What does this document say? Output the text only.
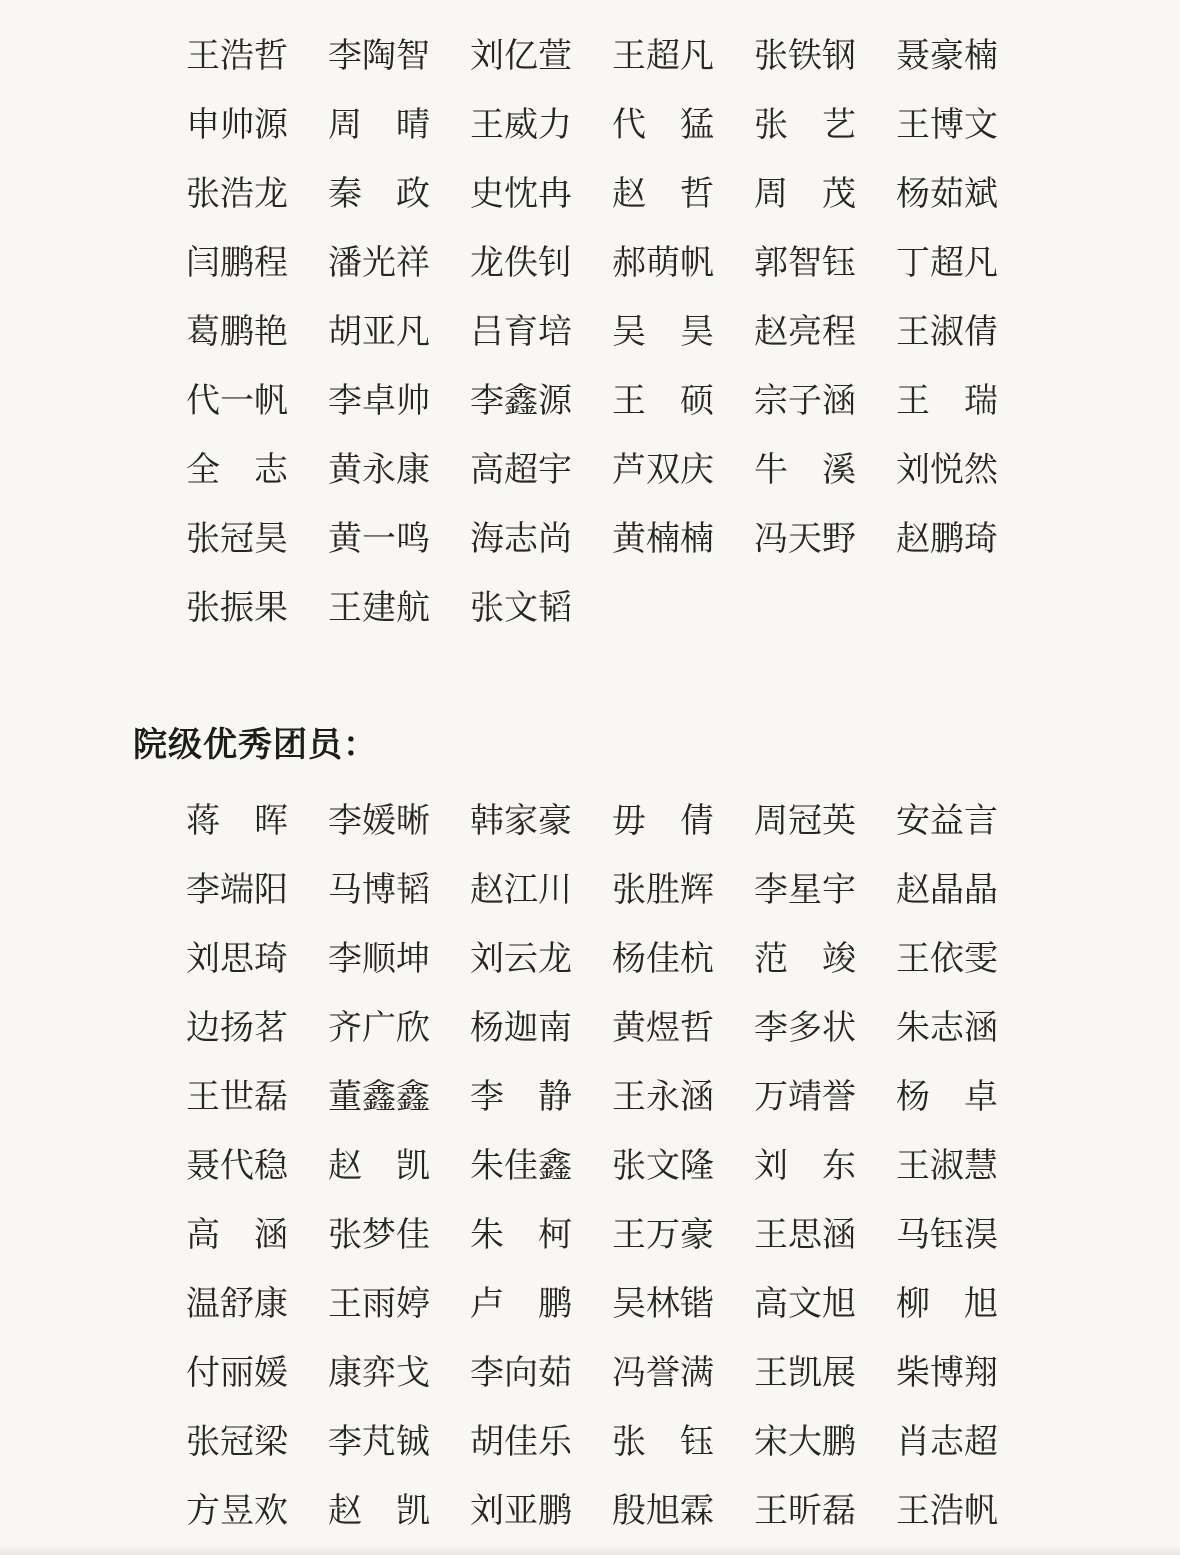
王浩哲 李陶智 刘亿萱 王超凡 张铁钢 聂豪楠
申帅源 周晴 王威力 代猛 张艺 王博文
张浩龙 秦政 史忱冉 赵哲 周茂 杨茹斌
闫鹏程 潘光祥 龙佚钊 郝萌帆 郭智钰 丁超凡
葛鹏艳 胡亚凡 吕育培 吴昊 赵亮程 王淑倩
代一帆 李卓帅 李鑫源 王硕 宗子涵 王瑞
全志 黄永康 高超宇 芦双庆 牛溪 刘悦然
张冠昊 黄一鸣 海志尚 黄楠楠 冯天野 赵鹏琦
张振果 王建航 张文韬
院级优秀团员：
蒋晖 李媛晰 韩家豪 毋倩 周冠英 安益言
李端阳 马博韬 赵江川 张胜辉 李星宇 赵晶晶
刘思琦 李顺坤 刘云龙 杨佳杭 范竣 王依雯
边扬茗 齐广欣 杨迦南 黄煜哲 李多状 朱志涵
王世磊 董鑫鑫 李静 王永涵 万靖誉 杨卓
聂代稳 赵凯 朱佳鑫 张文隆 刘东 王淑慧
高涵 张梦佳 朱柯 王万豪 王思涵 马钰淏
温舒康 王雨婷 卢鹏 吴林锴 高文旭 柳旭
付丽媛 康弈戈 李向茹 冯誉满 王凯展 柴博翔
张冠梁 李芃铖 胡佳乐 张钰 宋大鹏 肖志超
方昱欢 赵凯 刘亚鹏 殷旭霖 王昕磊 王浩帆
